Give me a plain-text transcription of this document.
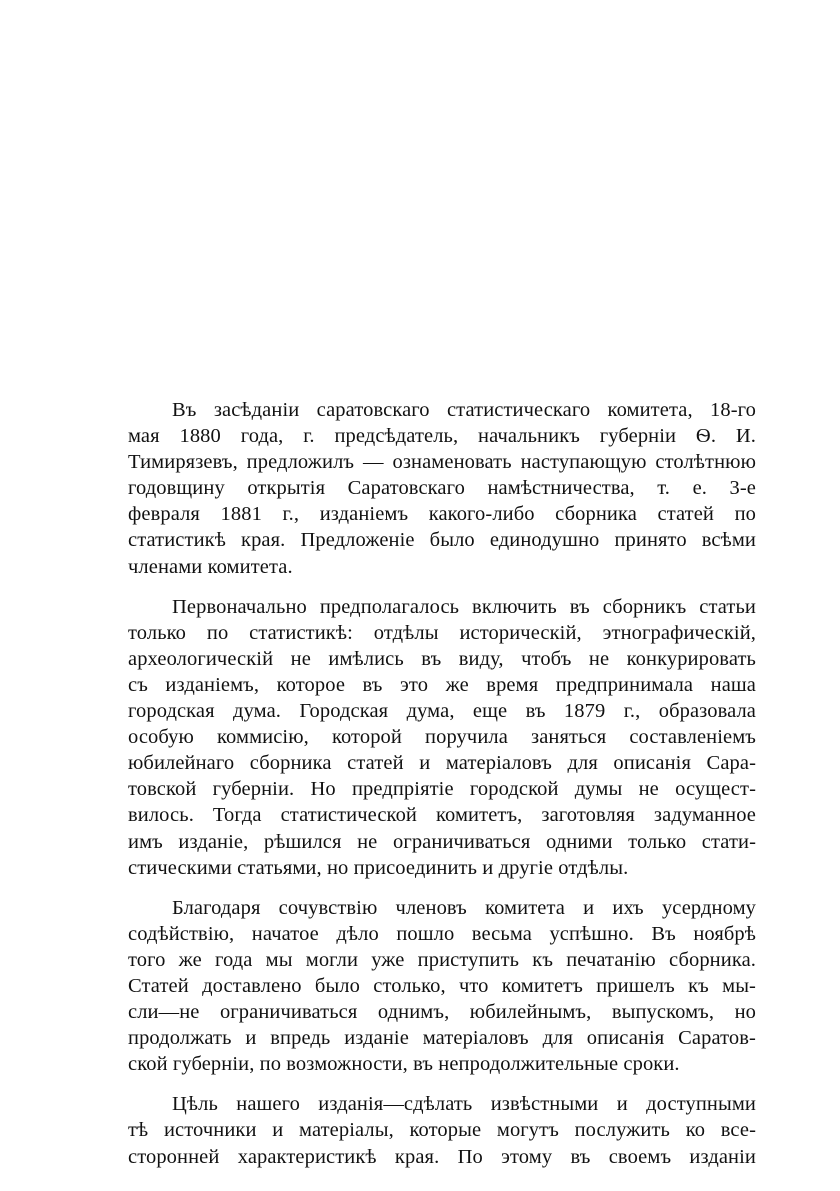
Въ засѣданіи саратовскаго статистическаго комитета, 18-го
мая 1880 года, г. предсѣдатель, начальникъ губерніи Ѳ. И.
Тимирязевъ, предложилъ — ознаменовать наступающую столѣтнюю
годовщину открытія Саратовскаго намѣстничества, т. е. 3-е
февраля 1881 г., изданіемъ какого-либо сборника статей по
статистикѣ края. Предложеніе было единодушно принято всѣми
членами комитета.
Первоначально предполагалось включить въ сборникъ статьи
только по статистикѣ: отдѣлы историческій, этнографическій,
археологическій не имѣлись въ виду, чтобъ не конкурировать
съ изданіемъ, которое въ это же время предпринимала наша
городская дума. Городская дума, еще въ 1879 г., образовала
особую коммисію, которой поручила заняться составленіемъ
юбилейнаго сборника статей и матеріаловъ для описанія Сара-
товской губерніи. Но предпріятіе городской думы не осущест-
вилось. Тогда статистической комитетъ, заготовляя задуманное
имъ изданіе, рѣшился не ограничиваться одними только стати-
стическими статьями, но присоединить и другіе отдѣлы.
Благодаря сочувствію членовъ комитета и ихъ усердному
содѣйствію, начатое дѣло пошло весьма успѣшно. Въ ноябрѣ
того же года мы могли уже приступить къ печатанію сборника.
Статей доставлено было столько, что комитетъ пришелъ къ мы-
сли—не ограничиваться однимъ, юбилейнымъ, выпускомъ, но
продолжать и впредь изданіе матеріаловъ для описанія Саратов-
ской губерніи, по возможности, въ непродолжительные сроки.
Цѣль нашего изданія—сдѣлать извѣстными и доступными
тѣ источники и матеріалы, которые могутъ послужить ко все-
сторонней характеристикѣ края. По этому въ своемъ изданіи
